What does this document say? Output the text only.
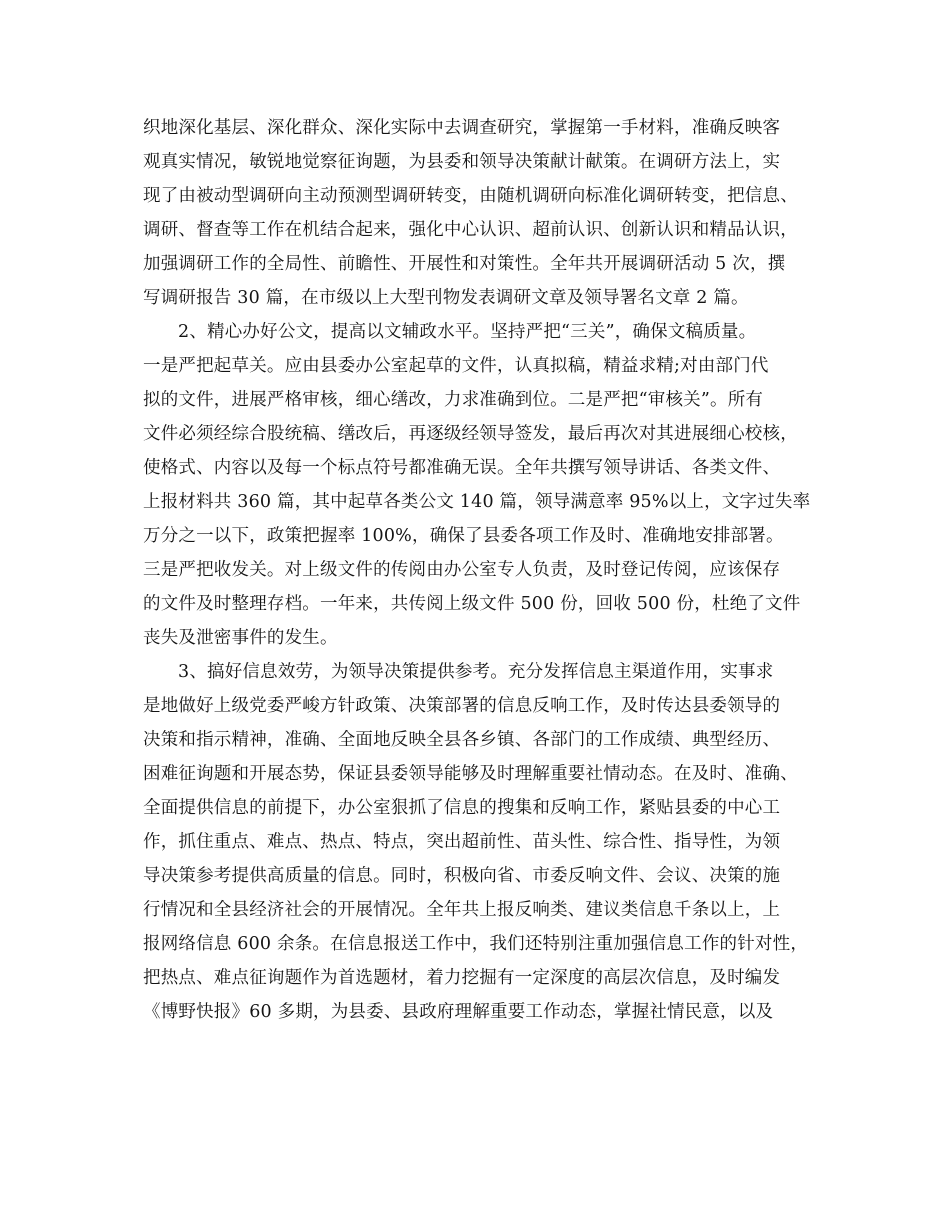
织地深化基层、深化群众、深化实际中去调查研究，掌握第一手材料，准确反映客
观真实情况，敏锐地觉察征询题，为县委和领导决策献计献策。在调研方法上，实
现了由被动型调研向主动预测型调研转变，由随机调研向标准化调研转变，把信息、
调研、督查等工作在机结合起来，强化中心认识、超前认识、创新认识和精品认识，
加强调研工作的全局性、前瞻性、开展性和对策性。全年共开展调研活动 5 次，撰
写调研报告 30 篇，在市级以上大型刊物发表调研文章及领导署名文章 2 篇。
2、精心办好公文，提高以文辅政水平。坚持严把“三关”，确保文稿质量。
一是严把起草关。应由县委办公室起草的文件，认真拟稿，精益求精;对由部门代
拟的文件，进展严格审核，细心缮改，力求准确到位。二是严把“审核关”。所有
文件必须经综合股统稿、缮改后，再逐级经领导签发，最后再次对其进展细心校核，
使格式、内容以及每一个标点符号都准确无误。全年共撰写领导讲话、各类文件、
上报材料共 360 篇，其中起草各类公文 140 篇，领导满意率 95%以上，文字过失率
万分之一以下，政策把握率 100%，确保了县委各项工作及时、准确地安排部署。
三是严把收发关。对上级文件的传阅由办公室专人负责，及时登记传阅，应该保存
的文件及时整理存档。一年来，共传阅上级文件 500 份，回收 500 份，杜绝了文件
丧失及泄密事件的发生。
3、搞好信息效劳，为领导决策提供参考。充分发挥信息主渠道作用，实事求
是地做好上级党委严峻方针政策、决策部署的信息反响工作，及时传达县委领导的
决策和指示精神，准确、全面地反映全县各乡镇、各部门的工作成绩、典型经历、
困难征询题和开展态势，保证县委领导能够及时理解重要社情动态。在及时、准确、
全面提供信息的前提下，办公室狠抓了信息的搜集和反响工作，紧贴县委的中心工
作，抓住重点、难点、热点、特点，突出超前性、苗头性、综合性、指导性，为领
导决策参考提供高质量的信息。同时，积极向省、市委反响文件、会议、决策的施
行情况和全县经济社会的开展情况。全年共上报反响类、建议类信息千条以上，上
报网络信息 600 余条。在信息报送工作中，我们还特别注重加强信息工作的针对性，
把热点、难点征询题作为首选题材，着力挖掘有一定深度的高层次信息，及时编发
《博野快报》60 多期，为县委、县政府理解重要工作动态，掌握社情民意，以及
